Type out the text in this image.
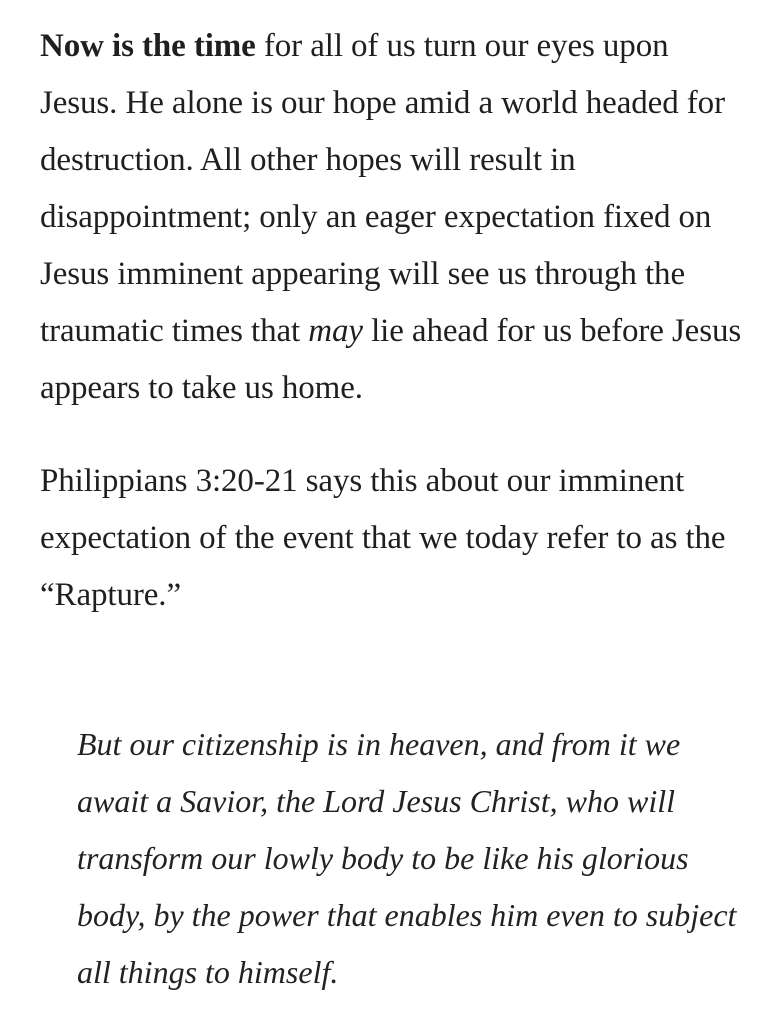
Now is the time for all of us turn our eyes upon Jesus. He alone is our hope amid a world headed for destruction. All other hopes will result in disappointment; only an eager expectation fixed on Jesus imminent appearing will see us through the traumatic times that may lie ahead for us before Jesus appears to take us home.

Philippians 3:20-21 says this about our imminent expectation of the event that we today refer to as the “Rapture.”

But our citizenship is in heaven, and from it we await a Savior, the Lord Jesus Christ, who will transform our lowly body to be like his glorious body, by the power that enables him even to subject all things to himself.
